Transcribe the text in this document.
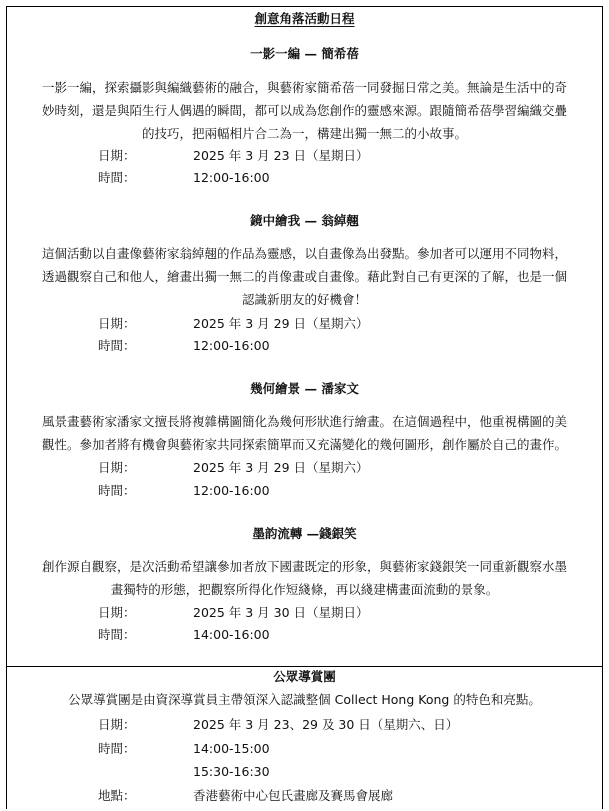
創意角落活動日程
一影一編 — 簡希蓓
一影一編，探索攝影與編織藝術的融合，與藝術家簡希蓓一同發掘日常之美。無論是生活中的奇
妙時刻，還是與陌生行人偶遇的瞬間，都可以成為您創作的靈感來源。跟隨簡希蓓學習編織交疊
的技巧，把兩幅相片合二為一，構建出獨一無二的小故事。
日期：	2025 年 3 月 23 日（星期日）
時間：	12:00-16:00
鏡中繪我 — 翁綽翹
這個活動以自畫像藝術家翁綽翹的作品為靈感，以自畫像為出發點。參加者可以運用不同物料，
透過觀察自己和他人，繪畫出獨一無二的肖像畫或自畫像。藉此對自己有更深的了解，也是一個
認識新朋友的好機會！
日期：	2025 年 3 月 29 日（星期六）
時間：	12:00-16:00
幾何繪景 — 潘家文
風景畫藝術家潘家文擅長將複雜構圖簡化為幾何形狀進行繪畫。在這個過程中，他重視構圖的美
觀性。參加者將有機會與藝術家共同探索簡單而又充滿變化的幾何圖形，創作屬於自己的畫作。
日期：	2025 年 3 月 29 日（星期六）
時間：	12:00-16:00
墨韵流轉 —錢銀笑
創作源自觀察，是次活動希望讓參加者放下國畫既定的形象，與藝術家錢銀笑一同重新觀察水墨
畫獨特的形態，把觀察所得化作短綫條，再以綫建構畫面流動的景象。
日期：	2025 年 3 月 30 日（星期日）
時間：	14:00-16:00
公眾導賞團
公眾導賞團是由資深導賞員主帶領深入認識整個 Collect Hong Kong 的特色和亮點。
日期：	2025 年 3 月 23、29 及 30 日（星期六、日）
時間：	14:00-15:00
15:30-16:30
地點：	香港藝術中心包氏畫廊及賽馬會展廊
